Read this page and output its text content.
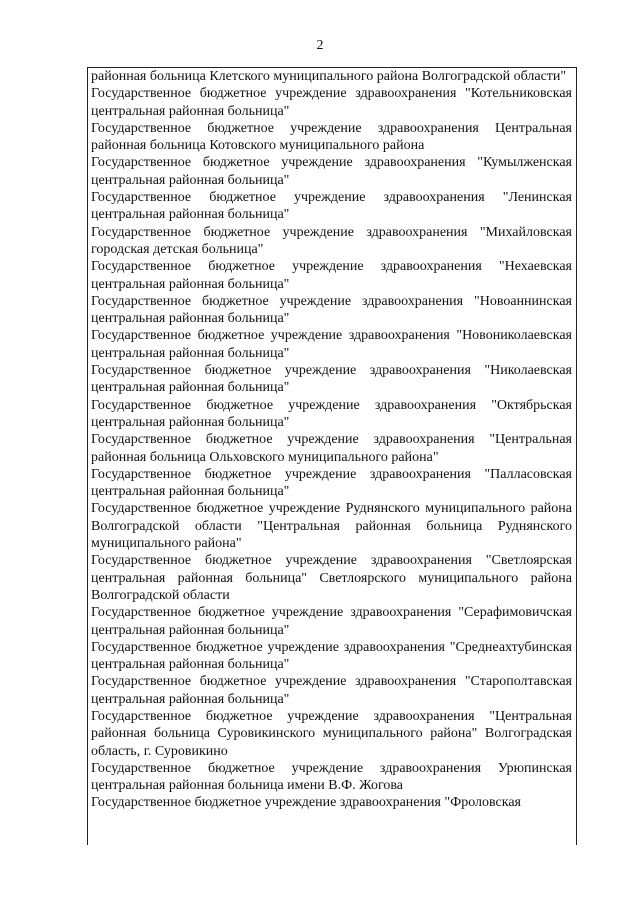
2
районная больница Клетского муниципального района Волгоградской области"
Государственное бюджетное учреждение здравоохранения "Котельниковская центральная районная больница"
Государственное бюджетное учреждение здравоохранения Центральная районная больница Котовского муниципального района
Государственное бюджетное учреждение здравоохранения "Кумылженская центральная районная больница"
Государственное бюджетное учреждение здравоохранения "Ленинская центральная районная больница"
Государственное бюджетное учреждение здравоохранения "Михайловская городская детская больница"
Государственное бюджетное учреждение здравоохранения "Нехаевская центральная районная больница"
Государственное бюджетное учреждение здравоохранения "Новоаннинская центральная районная больница"
Государственное бюджетное учреждение здравоохранения "Новониколаевская центральная районная больница"
Государственное бюджетное учреждение здравоохранения "Николаевская центральная районная больница"
Государственное бюджетное учреждение здравоохранения "Октябрьская центральная районная больница"
Государственное бюджетное учреждение здравоохранения "Центральная районная больница Ольховского муниципального района"
Государственное бюджетное учреждение здравоохранения "Палласовская центральная районная больница"
Государственное бюджетное учреждение Руднянского муниципального района Волгоградской области "Центральная районная больница Руднянского муниципального района"
Государственное бюджетное учреждение здравоохранения "Светлоярская центральная районная больница" Светлоярского муниципального района Волгоградской области
Государственное бюджетное учреждение здравоохранения "Серафимовичская центральная районная больница"
Государственное бюджетное учреждение здравоохранения "Среднеахтубинская центральная районная больница"
Государственное бюджетное учреждение здравоохранения "Старополтавская центральная районная больница"
Государственное бюджетное учреждение здравоохранения "Центральная районная больница Суровикинского муниципального района" Волгоградская область, г. Суровикино
Государственное бюджетное учреждение здравоохранения Урюпинская центральная районная больница имени В.Ф. Жогова
Государственное бюджетное учреждение здравоохранения "Фроловская
